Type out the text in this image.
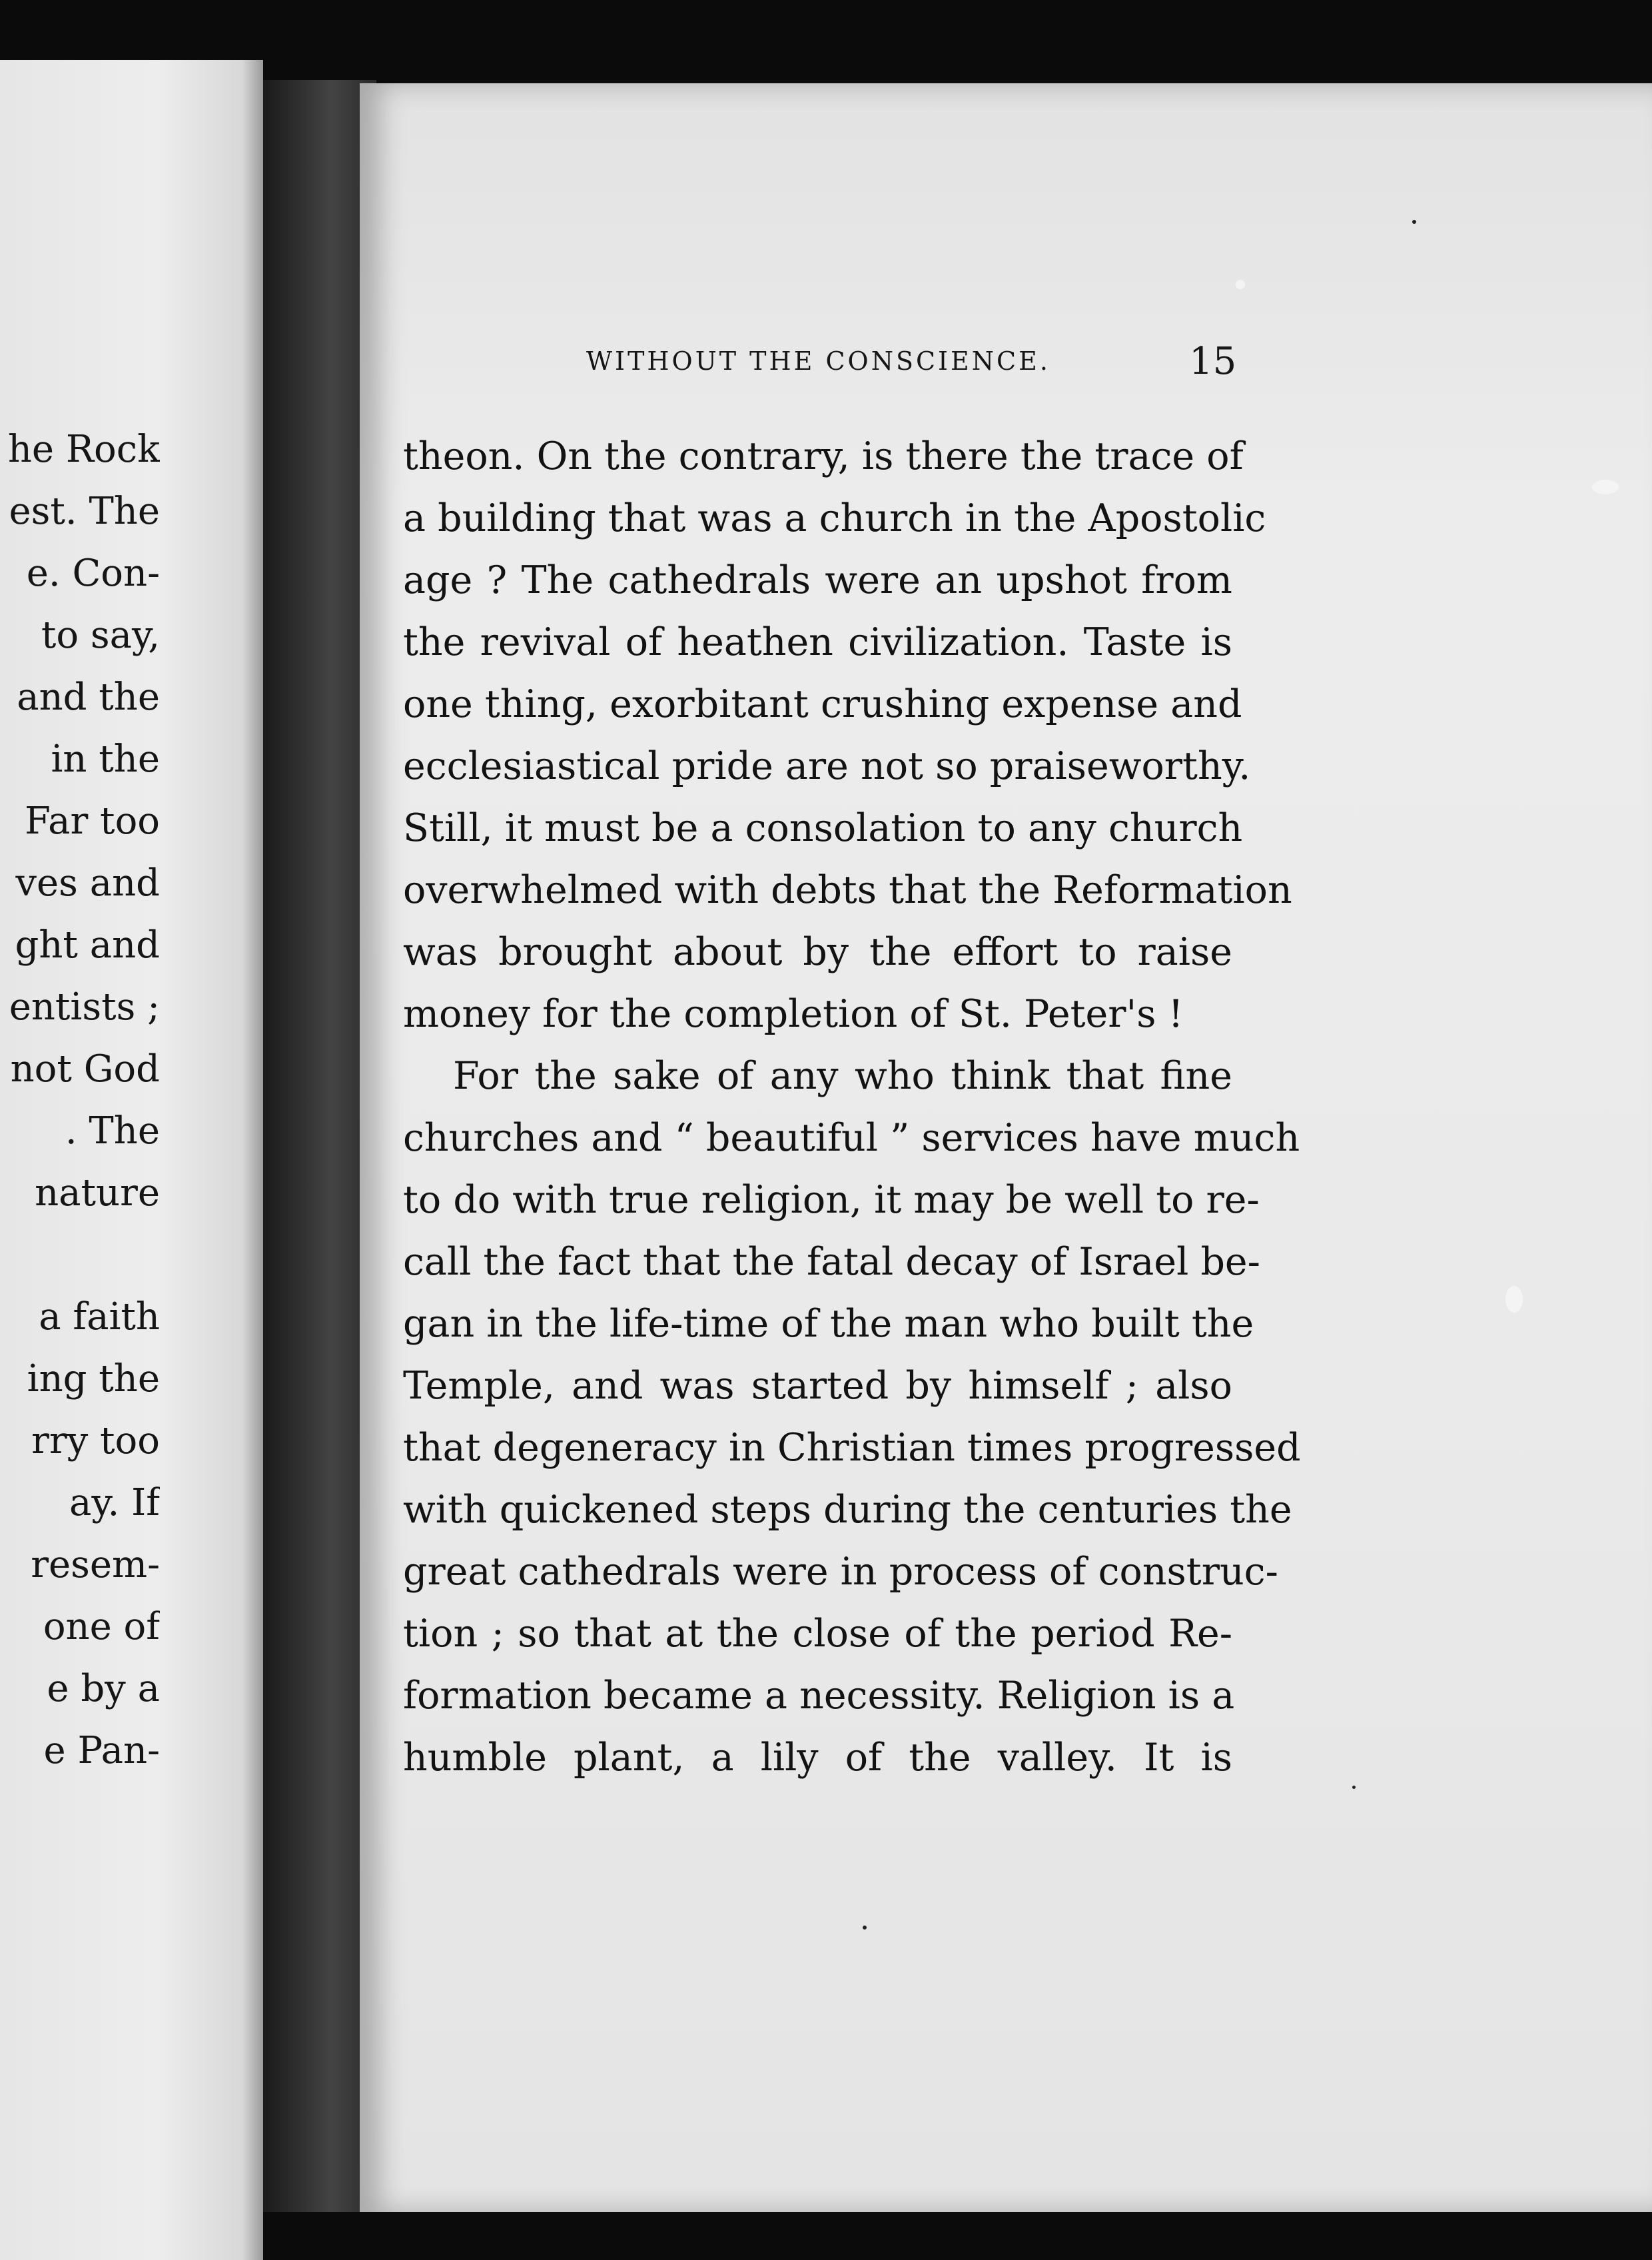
he Rock
est. The
e. Con-
to say,
and the
in the
Far too
ves and
ght and
entists ;
not God
. The
nature
a faith
ing the
rry too
ay. If
resem-
one of
e by a
e Pan-
WITHOUT THE CONSCIENCE.	15
theon. On the contrary, is there the trace of
a building that was a church in the Apostolic
age ? The cathedrals were an upshot from
the revival of heathen civilization. Taste is
one thing, exorbitant crushing expense and
ecclesiastical pride are not so praiseworthy.
Still, it must be a consolation to any church
overwhelmed with debts that the Reformation
was brought about by the effort to raise
money for the completion of St. Peter's !
For the sake of any who think that fine
churches and “ beautiful ” services have much
to do with true religion, it may be well to re-
call the fact that the fatal decay of Israel be-
gan in the life-time of the man who built the
Temple, and was started by himself ; also
that degeneracy in Christian times progressed
with quickened steps during the centuries the
great cathedrals were in process of construc-
tion ; so that at the close of the period Re-
formation became a necessity. Religion is a
humble plant, a lily of the valley. It is
